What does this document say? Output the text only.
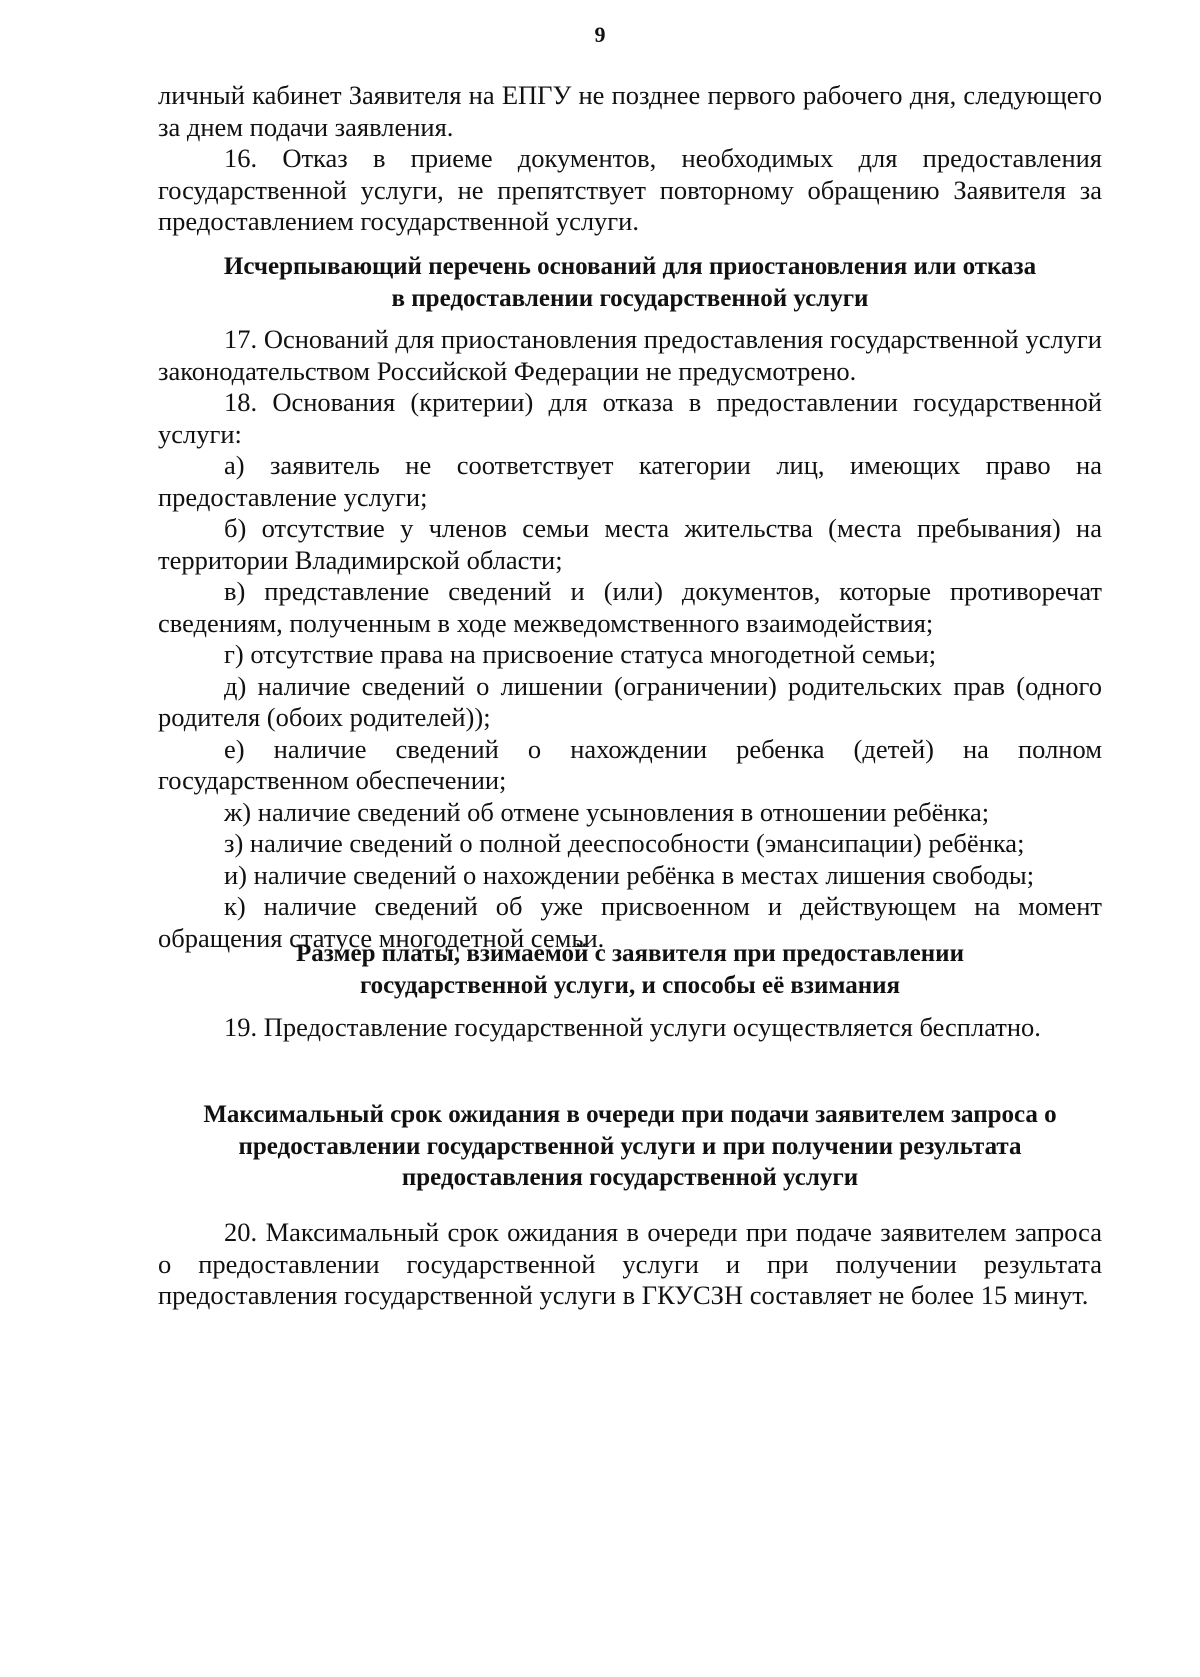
9

личный кабинет Заявителя на ЕПГУ не позднее первого рабочего дня, следующего за днем подачи заявления.

16. Отказ в приеме документов, необходимых для предоставления государственной услуги, не препятствует повторному обращению Заявителя за предоставлением государственной услуги.

Исчерпывающий перечень оснований для приостановления или отказа
в предоставлении государственной услуги

17. Оснований для приостановления предоставления государственной услуги законодательством Российской Федерации не предусмотрено.

18. Основания (критерии) для отказа в предоставлении государственной услуги:

а) заявитель не соответствует категории лиц, имеющих право на предоставление услуги;

б) отсутствие у членов семьи места жительства (места пребывания) на территории Владимирской области;

в) представление сведений и (или) документов, которые противоречат сведениям, полученным в ходе межведомственного взаимодействия;

г) отсутствие права на присвоение статуса многодетной семьи;

д) наличие сведений о лишении (ограничении) родительских прав (одного родителя (обоих родителей));

е) наличие сведений о нахождении ребенка (детей) на полном государственном обеспечении;

ж) наличие сведений об отмене усыновления в отношении ребёнка;

з) наличие сведений о полной дееспособности (эмансипации) ребёнка;

и) наличие сведений о нахождении ребёнка в местах лишения свободы;

к) наличие сведений об уже присвоенном и действующем на момент обращения статусе многодетной семьи.

Размер платы, взимаемой с заявителя при предоставлении
государственной услуги, и способы её взимания

19. Предоставление государственной услуги осуществляется бесплатно.

Максимальный срок ожидания в очереди при подачи заявителем запроса о
предоставлении государственной услуги и при получении результата
предоставления государственной услуги

20. Максимальный срок ожидания в очереди при подаче заявителем запроса о предоставлении государственной услуги и при получении результата предоставления государственной услуги в ГКУСЗН составляет не более 15 минут.
